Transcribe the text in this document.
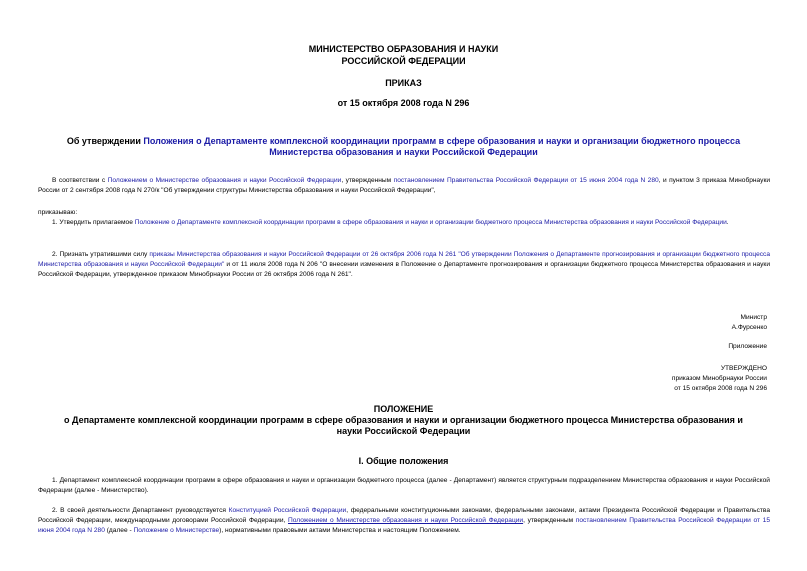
МИНИСТЕРСТВО ОБРАЗОВАНИЯ И НАУКИ
РОССИЙСКОЙ ФЕДЕРАЦИИ
ПРИКАЗ
от 15 октября 2008 года N 296
Об утверждении Положения о Департаменте комплексной координации программ в сфере образования и науки и организации бюджетного процесса Министерства образования и науки Российской Федерации
В соответствии с Положением о Министерстве образования и науки Российской Федерации, утвержденным постановлением Правительства Российской Федерации от 15 июня 2004 года N 280, и пунктом 3 приказа Минобрнауки России от 2 сентября 2008 года N 270/к "Об утверждении структуры Министерства образования и науки Российской Федерации",
приказываю:
1. Утвердить прилагаемое Положение о Департаменте комплексной координации программ в сфере образования и науки и организации бюджетного процесса Министерства образования и науки Российской Федерации.
2. Признать утратившими силу приказы Министерства образования и науки Российской Федерации от 26 октября 2006 года N 261 "Об утверждении Положения о Департаменте прогнозирования и организации бюджетного процесса Министерства образования и науки Российской Федерации" и от 11 июля 2008 года N 206 "О внесении изменения в Положение о Департаменте прогнозирования и организации бюджетного процесса Министерства образования и науки Российской Федерации, утвержденное приказом Минобрнауки России от 26 октября 2006 года N 261".
Министр
А.Фурсенко
Приложение
УТВЕРЖДЕНО
приказом Минобрнауки России
от 15 октября 2008 года N 296
ПОЛОЖЕНИЕ
о Департаменте комплексной координации программ в сфере образования и науки и организации бюджетного процесса Министерства образования и науки Российской Федерации
I. Общие положения
1. Департамент комплексной координации программ в сфере образования и науки и организации бюджетного процесса (далее - Департамент) является структурным подразделением Министерства образования и науки Российской Федерации (далее - Министерство).
2. В своей деятельности Департамент руководствуется Конституцией Российской Федерации, федеральными конституционными законами, федеральными законами, актами Президента Российской Федерации и Правительства Российской Федерации, международными договорами Российской Федерации, Положением о Министерстве образования и науки Российской Федерации, утвержденным постановлением Правительства Российской Федерации от 15 июня 2004 года N 280 (далее - Положение о Министерстве), нормативными правовыми актами Министерства и настоящим Положением.
